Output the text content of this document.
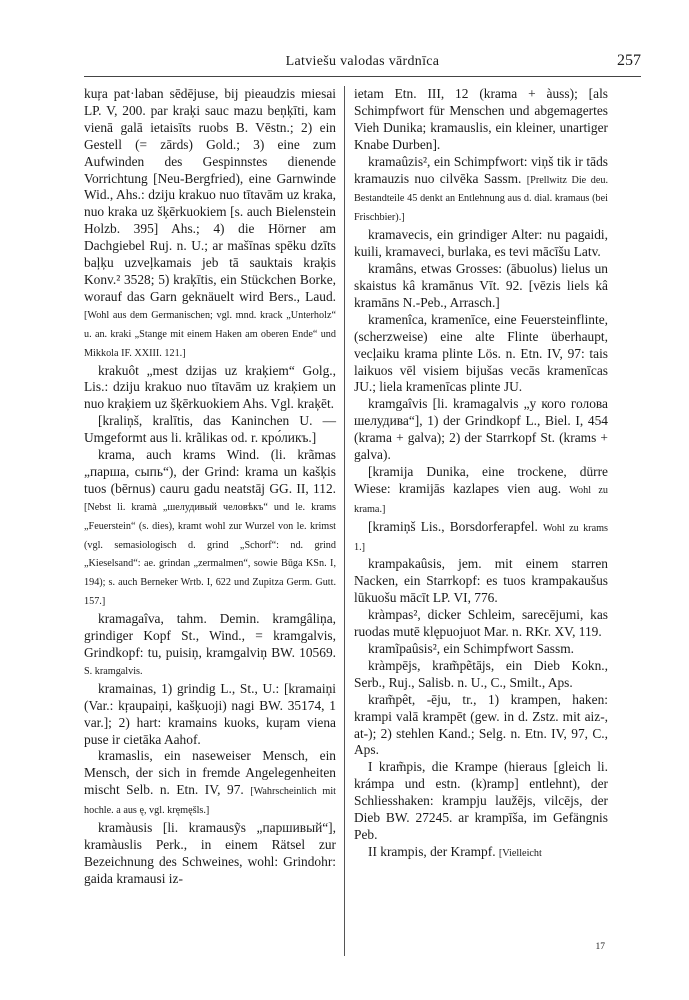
Latviešu valodas vārdnīca	257

kuŗa pat·laban sēdējuse, bij pieaudzis miesai LP. V, 200. par kraķi sauc mazu beņķīti, kam vienā galā ietaisīts ruobs B. Vēstn.; 2) ein Gestell (= zārds) Gold.; 3) eine zum Aufwinden des Gespinnstes dienende Vorrichtung [Neu-Bergfried), eine Garnwinde Wid., Ahs.: dziju krakuo nuo tītavām uz kraka, nuo kraka uz šķērkuokiem [s. auch Bielenstein Holzb. 395] Ahs.; 4) die Hörner am Dachgiebel Ruj. n. U.; ar mašīnas spēku dzīts baļķu uzveļkamais jeb tā sauktais kraķis Konv.² 3528; 5) kraķītis, ein Stückchen Borke, worauf das Garn geknäuelt wird Bers., Laud. [Wohl aus dem Germanischen; vgl. mnd. krack „Unterholz“ u. an. kraki „Stange mit einem Haken am oberen Ende“ und Mikkola IF. XXIII. 121.]

krakuôt „mest dzijas uz kraķiem“ Golg., Lis.: dziju krakuo nuo tītavām uz kraķiem un nuo kraķiem uz šķērkuokiem Ahs. Vgl. kraķēt.

[kraliņš, kralītis, das Kaninchen U. — Umgeformt aus li. krãlikas od. r. кро́ликъ.]

krama, auch krams Wind. (li. krãmas „парша, сыпь“), der Grind: krama un kašķis tuos (bērnus) cauru gadu neatstāj GG. II, 112. [Nebst li. kramà „шелудивый человѣкъ“ und le. krams „Feuerstein“ (s. dies), kramt wohl zur Wurzel von le. krimst (vgl. semasiologisch d. grind „Schorf“: nd. grind „Kieselsand“: ae. grindan „zermalmen“, sowie Būga KSn. I, 194); s. auch Berneker Wrtb. I, 622 und Zupitza Germ. Gutt. 157.]

kramagaîva, tahm. Demin. kramgâliņa, grindiger Kopf St., Wind., = kramgalvis, Grindkopf: tu, puisiņ, kramgalviņ BW. 10569. S. kramgalvis.

kramainas, 1) grindig L., St., U.: [kramaiņi (Var.: kŗaupaiņi, kašķuoji) nagi BW. 35174, 1 var.]; 2) hart: kramains kuoks, kuŗam viena puse ir cietāka Aahof.

kramaslis, ein naseweiser Mensch, ein Mensch, der sich in fremde Angelegenheiten mischt Selb. n. Etn. IV, 97. [Wahrscheinlich mit hochle. a aus ę, vgl. kręmęšls.]

kramàusis [li. kramausỹs „паршивый“], kramàuslis Perk., in einem Rätsel zur Bezeichnung des Schweines, wohl: Grindohr: gaida kramausi iz-

ietam Etn. III, 12 (krama + àuss); [als Schimpfwort für Menschen und abgemagertes Vieh Dunika; kramauslis, ein kleiner, unartiger Knabe Durben].

kramaûzis², ein Schimpfwort: viņš tik ir tāds kramauzis nuo cilvēka Sassm. [Prellwitz Die deu. Bestandteile 45 denkt an Entlehnung aus d. dial. kramaus (bei Frischbier).]

kramavecis, ein grindiger Alter: nu pagaidi, kuili, kramaveci, burlaka, es tevi mācīšu Latv.

kramâns, etwas Grosses: (ābuolus) lielus un skaistus kâ kramānus Vīt. 92. [vēzis liels kâ kramāns N.-Peb., Arrasch.]

kramenîca, kramenīce, eine Feuersteinflinte, (scherzweise) eine alte Flinte überhaupt, vecļaiku krama plinte Lös. n. Etn. IV, 97: tais laikuos vēl visiem bijušas vecās kramenīcas JU.; liela kramenīcas plinte JU.

kramgaîvis [li. kramagalvis „у кого голова шелудива“], 1) der Grindkopf L., Biel. I, 454 (krama + galva); 2) der Starrkopf St. (krams + galva).

[kramija Dunika, eine trockene, dürre Wiese: kramijās kazlapes vien aug. Wohl zu krama.]

[kramiņš Lis., Borsdorferapfel. Wohl zu krams 1.]

krampakaûsis, jem. mit einem starren Nacken, ein Starrkopf: es tuos krampakaušus lūkuošu mācīt LP. VI, 776.

kràmpas², dicker Schleim, sarecējumi, kas ruodas mutē klępuojuot Mar. n. RKr. XV, 119.

kramĩpaûsis², ein Schimpfwort Sassm.

kràmpējs, kram̃pẽtājs, ein Dieb Kokn., Serb., Ruj., Salisb. n. U., C., Smilt., Aps.

kram̃pêt, -ēju, tr., 1) krampen, haken: krampi valā krampēt (gew. in d. Zstz. mit aiz-, at-); 2) stehlen Kand.; Selg. n. Etn. IV, 97, C., Aps.

I kram̃pis, die Krampe (hieraus [gleich li. krámpa und estn. (k)ramp] entlehnt), der Schliesshaken: krampju laužējs, vilcējs, der Dieb BW. 27245. ar krampīša, im Gefängnis Peb.

II krampis, der Krampf. [Vielleicht

17
